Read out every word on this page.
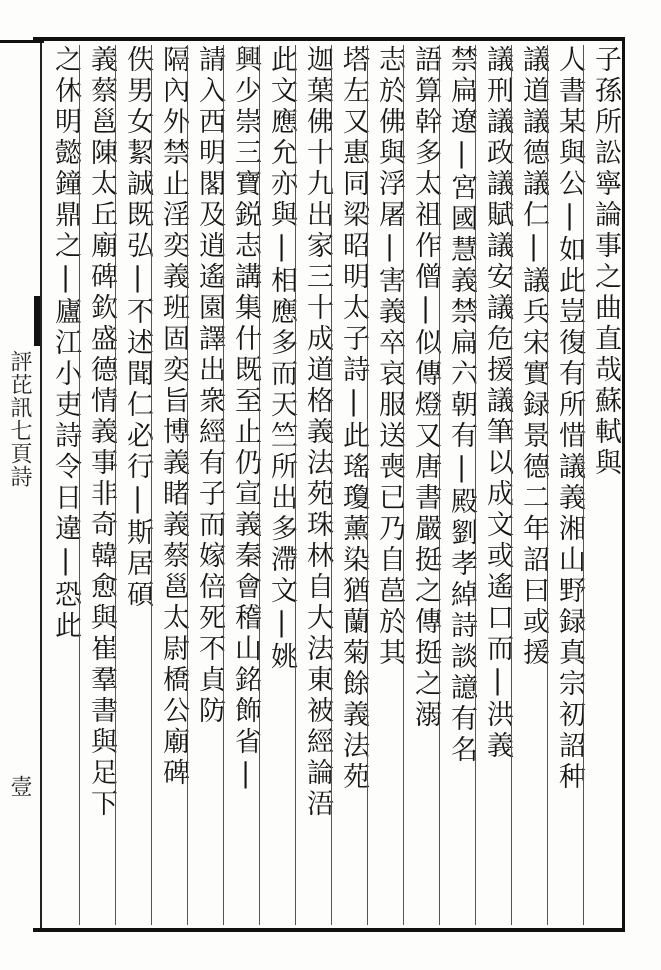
評芘訊七頁詩
壹
子孫所訟寧論事之曲直哉蘇軾與
人書某與公|如此豈復有所惜議義湘山野録真宗初詔种
議道議德議仁|議兵宋實録景德二年詔曰或援
議刑議政議賦議安議危援議筆以成文或遙口而|洪義
禁扁遼|宮國慧義禁扁六朝有|殿劉孝綽詩談譩有名
語算幹多太祖作僧|似傳燈又唐書嚴挺之傳挺之溺
志於佛與浮屠|害義卒哀服送喪已乃自䓃於其
塔左又惠同梁昭明太子詩|此瑤瓊薰染猶蘭菊餘義法苑
迦葉佛十九出家三十成道格義法苑珠林自大法東被經論浯
此文應允亦與|相應多而天竺所出多滯文|姚
興少崇三寶鋭志講集什既至止仍宣義秦會稽山銘飾省|
請入西明閣及逍遙園譯出衆經有子而嫁倍死不貞防
隔內外禁止淫奕義班固奕旨博義睹義蔡邕太尉橋公廟碑
佚男女絜誠既弘|不述聞仁必行|斯居碩
義蔡邕陳太丘廟碑欽盛德情義事非奇韓愈與崔羣書與足下
之休明懿鐘鼎之|廬江小吏詩令日違|恐此
